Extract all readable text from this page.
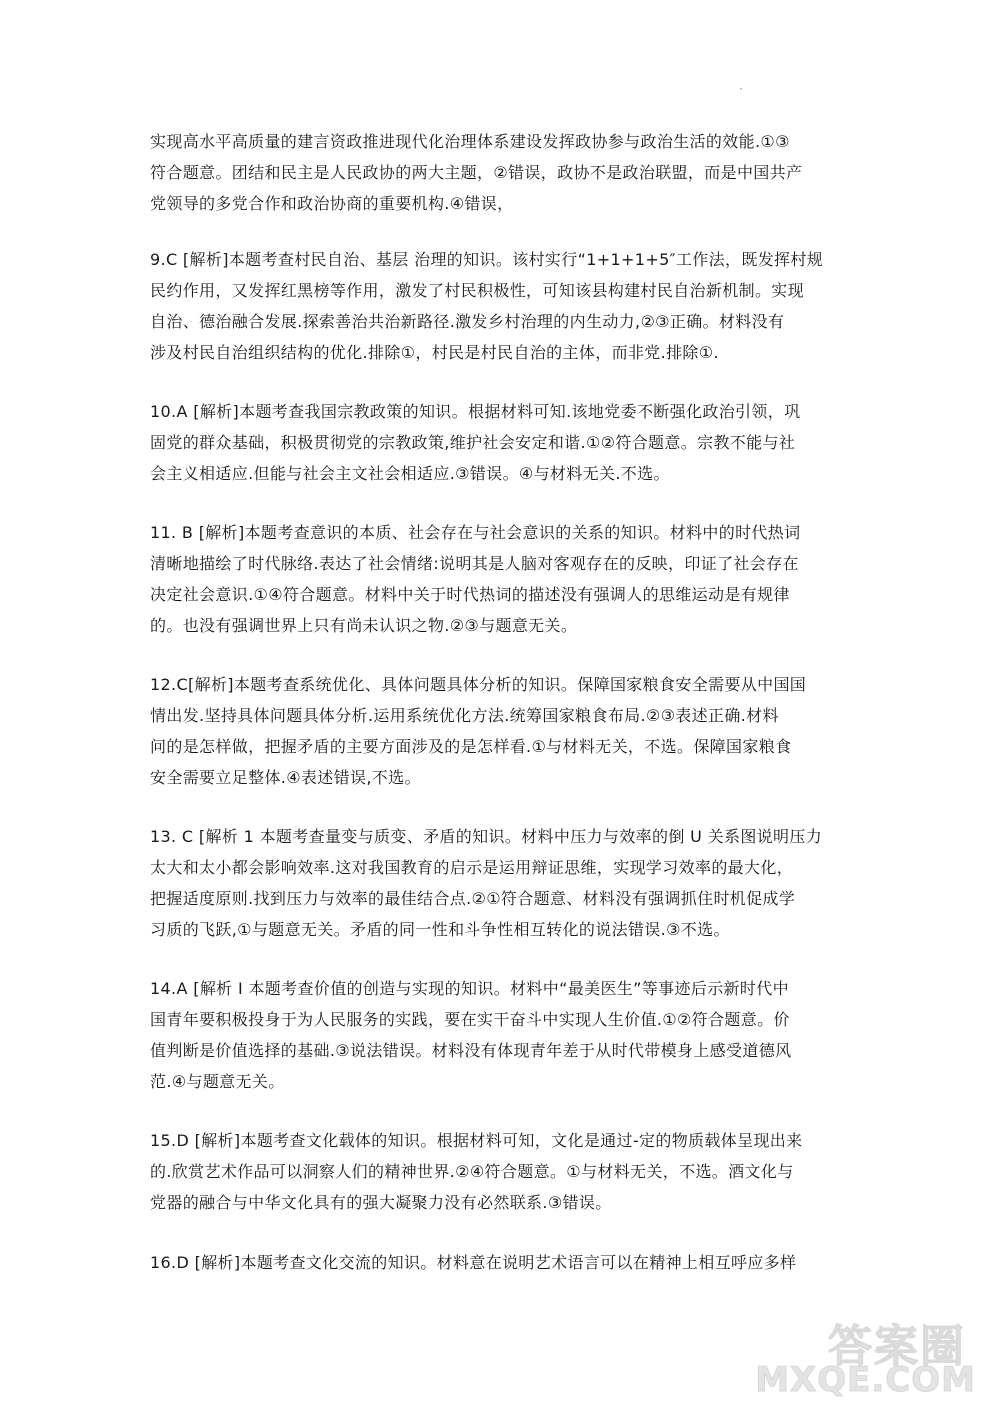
实现高水平高质量的建言资政推进现代化治理体系建设发挥政协参与政治生活的效能.①③
符合题意。团结和民主是人民政协的两大主题，②错误，政协不是政治联盟，而是中国共产
党领导的多党合作和政治协商的重要机构.④错误，
9.C [解析]本题考查村民自治、基层 治理的知识。该村实行“1+1+1+5″工作法，既发挥村规
民约作用，又发挥红黑榜等作用，激发了村民积极性，可知该县构建村民自治新机制。实现
自治、德治融合发展.探索善治共治新路径.激发乡村治理的内生动力,②③正确。材料没有
涉及村民自治组织结构的优化.排除①，村民是村民自治的主体，而非党.排除①.
10.A [解析]本题考查我国宗教政策的知识。根据材料可知.该地党委不断强化政治引领，巩
固党的群众基础，积极贯彻党的宗教政策,维护社会安定和谐.①②符合题意。宗教不能与社
会主义相适应.但能与社会主文社会相适应.③错误。④与材料无关.不选。
11. B [解析]本题考查意识的本质、社会存在与社会意识的关系的知识。材料中的时代热词
清晰地描绘了时代脉络.表达了社会情绪:说明其是人脑对客观存在的反映，印证了社会存在
决定社会意识.①④符合题意。材料中关于时代热词的描述没有强调人的思维运动是有规律
的。也没有强调世界上只有尚未认识之物.②③与题意无关。
12.C[解析]本题考查系统优化、具体问题具体分析的知识。保障国家粮食安全需要从中国国
情出发.坚持具体问题具体分析.运用系统优化方法.统筹国家粮食布局.②③表述正确.材料
问的是怎样做，把握矛盾的主要方面涉及的是怎样看.①与材料无关，不选。保障国家粮食
安全需要立足整体.④表述错误,不选。
13. C [解析 1 本题考查量变与质变、矛盾的知识。材料中压力与效率的倒 U 关系图说明压力
太大和太小都会影响效率.这对我国教育的启示是运用辩证思维，实现学习效率的最大化，
把握适度原则.找到压力与效率的最佳结合点.②①符合题意、材料没有强调抓住时机促成学
习质的飞跃,①与题意无关。矛盾的同一性和斗争性相互转化的说法错误.③不选。
14.A [解析 I 本题考查价值的创造与实现的知识。材料中“最美医生”等事迹后示新时代中
国青年要积极投身于为人民服务的实践，要在实干奋斗中实现人生价值.①②符合题意。价
值判断是价值选择的基础.③说法错误。材料没有体现青年差于从时代带模身上感受道德风
范.④与题意无关。
15.D [解析]本题考查文化载体的知识。根据材料可知，文化是通过-定的物质载体呈现出来
的.欣赏艺术作品可以洞察人们的精神世界.②④符合题意。①与材料无关，不选。酒文化与
党器的融合与中华文化具有的强大凝聚力没有必然联系.③错误。
16.D [解析]本题考查文化交流的知识。材料意在说明艺术语言可以在精神上相互呼应多样
答案圈
MXQE.COM
